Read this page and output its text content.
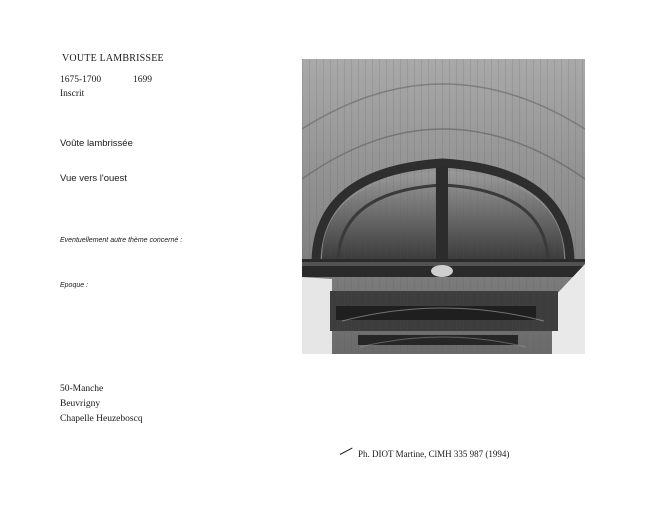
VOUTE LAMBRISSEE
1675-1700	1699
Inscrit
Voûte lambrissée
Vue vers l'ouest
Eventuellement autre thème concerné :
Epoque :
50-Manche
Beuvrigny
Chapelle Heuzeboscq
Ph. DIOT Martine, ClMH 335 987 (1994)
